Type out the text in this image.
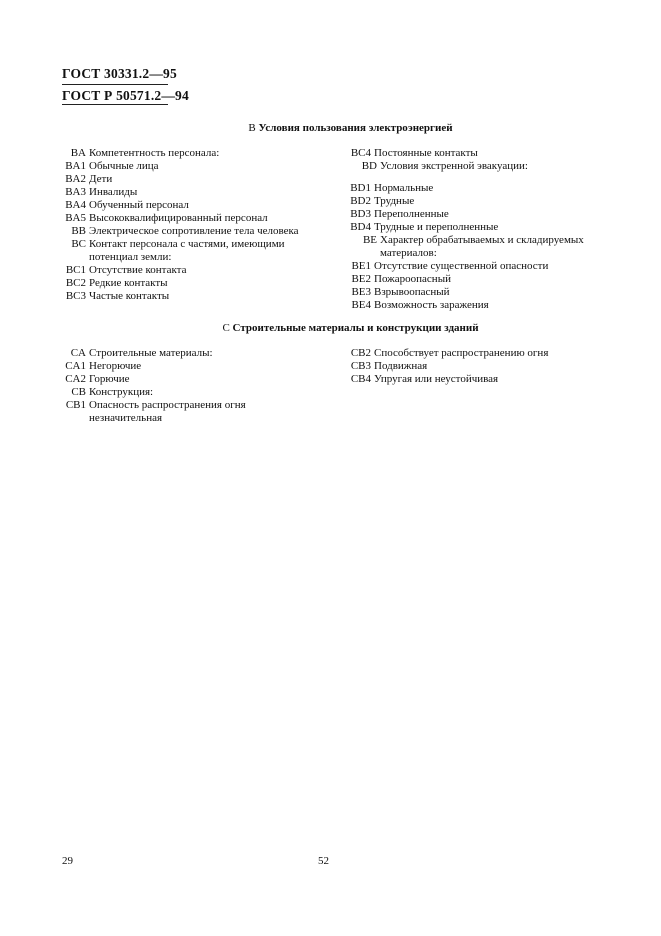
ГОСТ 30331.2—95
ГОСТ Р 50571.2—94
В Условия пользования электроэнергией
BA Компетентность персонала:
BA1 Обычные лица
BA2 Дети
BA3 Инвалиды
BA4 Обученный персонал
BA5 Высококвалифицированный персонал
BB Электрическое сопротивление тела человека
BC Контакт персонала с частями, имеющими потенциал земли:
BC1 Отсутствие контакта
BC2 Редкие контакты
BC3 Частые контакты
BC4 Постоянные контакты
BD Условия экстренной эвакуации:
BD1 Нормальные
BD2 Трудные
BD3 Переполненные
BD4 Трудные и переполненные
BE Характер обрабатываемых и складируемых материалов:
BE1 Отсутствие существенной опасности
BE2 Пожароопасный
BE3 Взрывоопасный
BE4 Возможность заражения
С Строительные материалы и конструкции зданий
CA Строительные материалы:
CA1 Негорючие
CA2 Горючие
CB Конструкция:
CB1 Опасность распространения огня незначительная
CB2 Способствует распространению огня
CB3 Подвижная
CB4 Упругая или неустойчивая
29	52
